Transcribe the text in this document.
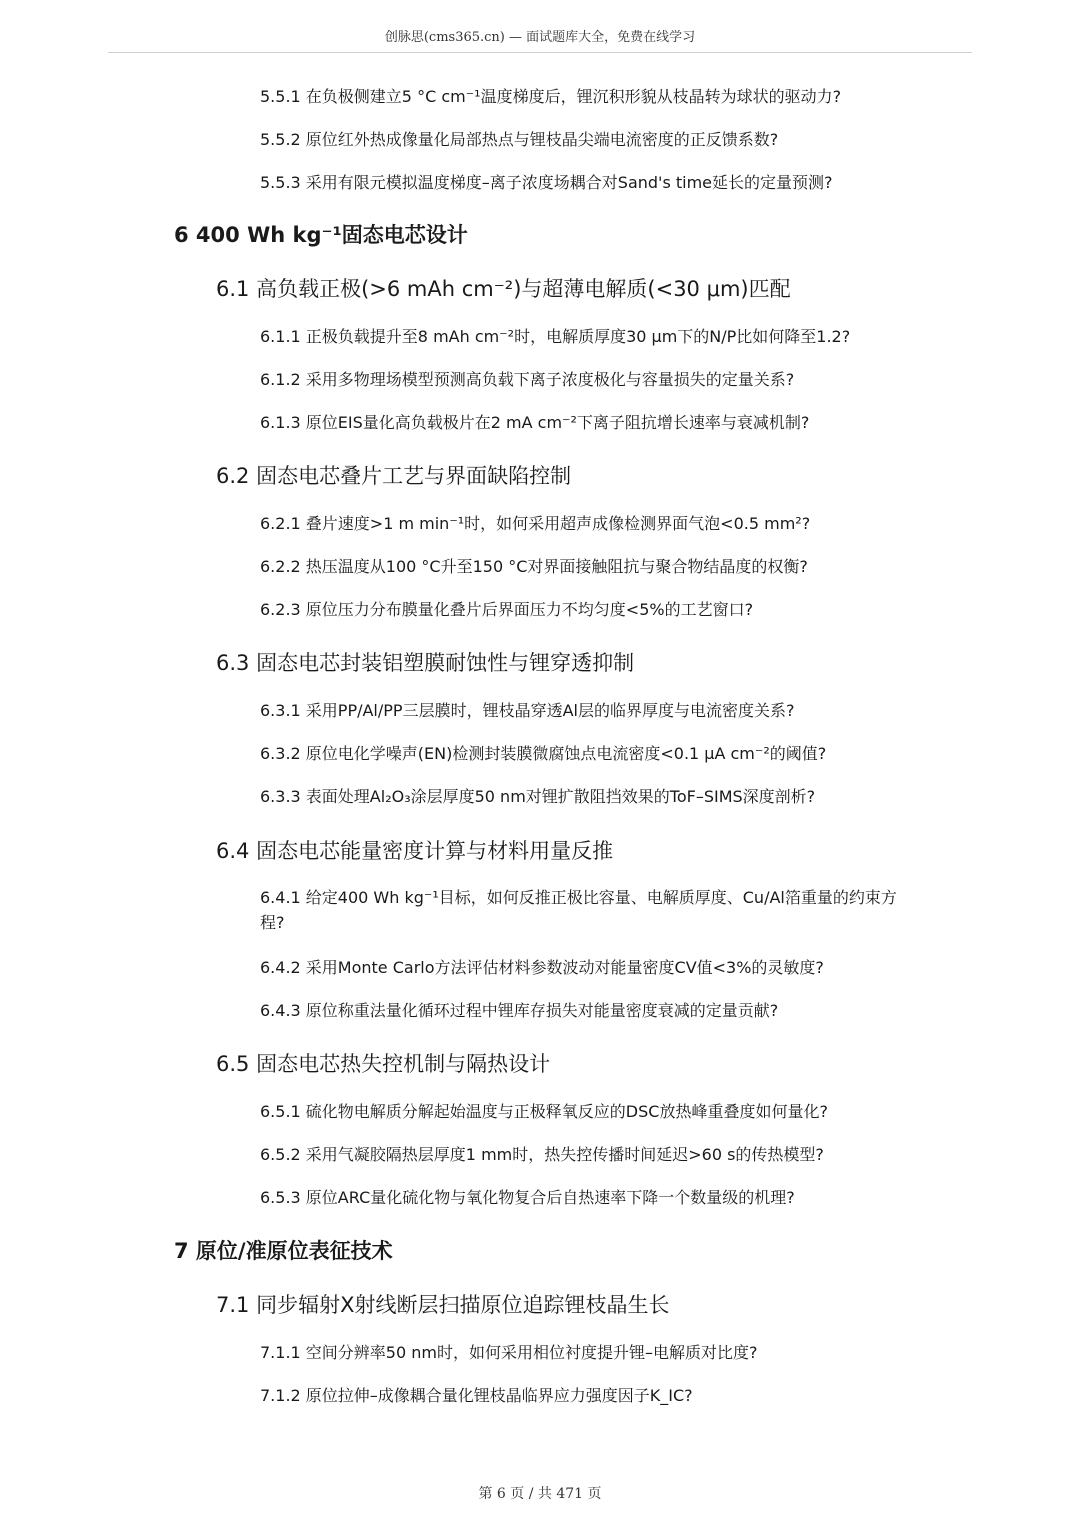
创脉思(cms365.cn) — 面试题库大全，免费在线学习
5.5.1 在负极侧建立5 °C cm⁻¹温度梯度后，锂沉积形貌从枝晶转为球状的驱动力?
5.5.2 原位红外热成像量化局部热点与锂枝晶尖端电流密度的正反馈系数?
5.5.3 采用有限元模拟温度梯度–离子浓度场耦合对Sand's time延长的定量预测?
6 400 Wh kg⁻¹固态电芯设计
6.1 高负载正极(>6 mAh cm⁻²)与超薄电解质(<30 μm)匹配
6.1.1 正极负载提升至8 mAh cm⁻²时，电解质厚度30 μm下的N/P比如何降至1.2?
6.1.2 采用多物理场模型预测高负载下离子浓度极化与容量损失的定量关系?
6.1.3 原位EIS量化高负载极片在2 mA cm⁻²下离子阻抗增长速率与衰减机制?
6.2 固态电芯叠片工艺与界面缺陷控制
6.2.1 叠片速度>1 m min⁻¹时，如何采用超声成像检测界面气泡<0.5 mm²?
6.2.2 热压温度从100 °C升至150 °C对界面接触阻抗与聚合物结晶度的权衡?
6.2.3 原位压力分布膜量化叠片后界面压力不均匀度<5%的工艺窗口?
6.3 固态电芯封装铝塑膜耐蚀性与锂穿透抑制
6.3.1 采用PP/Al/PP三层膜时，锂枝晶穿透Al层的临界厚度与电流密度关系?
6.3.2 原位电化学噪声(EN)检测封装膜微腐蚀点电流密度<0.1 μA cm⁻²的阈值?
6.3.3 表面处理Al₂O₃涂层厚度50 nm对锂扩散阻挡效果的ToF–SIMS深度剖析?
6.4 固态电芯能量密度计算与材料用量反推
6.4.1 给定400 Wh kg⁻¹目标，如何反推正极比容量、电解质厚度、Cu/Al箔重量的约束方程?
6.4.2 采用Monte Carlo方法评估材料参数波动对能量密度CV值<3%的灵敏度?
6.4.3 原位称重法量化循环过程中锂库存损失对能量密度衰减的定量贡献?
6.5 固态电芯热失控机制与隔热设计
6.5.1 硫化物电解质分解起始温度与正极释氧反应的DSC放热峰重叠度如何量化?
6.5.2 采用气凝胶隔热层厚度1 mm时，热失控传播时间延迟>60 s的传热模型?
6.5.3 原位ARC量化硫化物与氧化物复合后自热速率下降一个数量级的机理?
7 原位/准原位表征技术
7.1 同步辐射X射线断层扫描原位追踪锂枝晶生长
7.1.1 空间分辨率50 nm时，如何采用相位衬度提升锂–电解质对比度?
7.1.2 原位拉伸–成像耦合量化锂枝晶临界应力强度因子K_IC?
第 6 页 / 共 471 页
